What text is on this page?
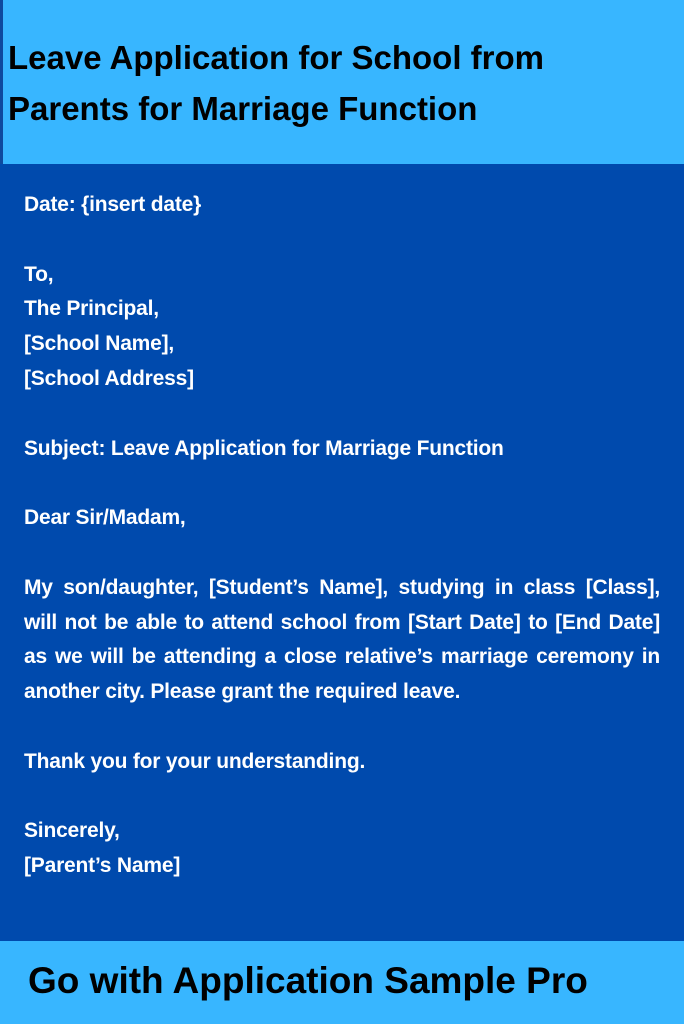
Leave Application for School from Parents for Marriage Function

Date: {insert date}

To,

The Principal,

[School Name],

[School Address]

Subject: Leave Application for Marriage Function

Dear Sir/Madam,

My son/daughter, [Student’s Name], studying in class [Class], will not be able to attend school from [Start Date] to [End Date] as we will be attending a close relative’s marriage ceremony in another city. Please grant the required leave.

Thank you for your understanding.

Sincerely,

[Parent’s Name]

Go with Application Sample Pro
